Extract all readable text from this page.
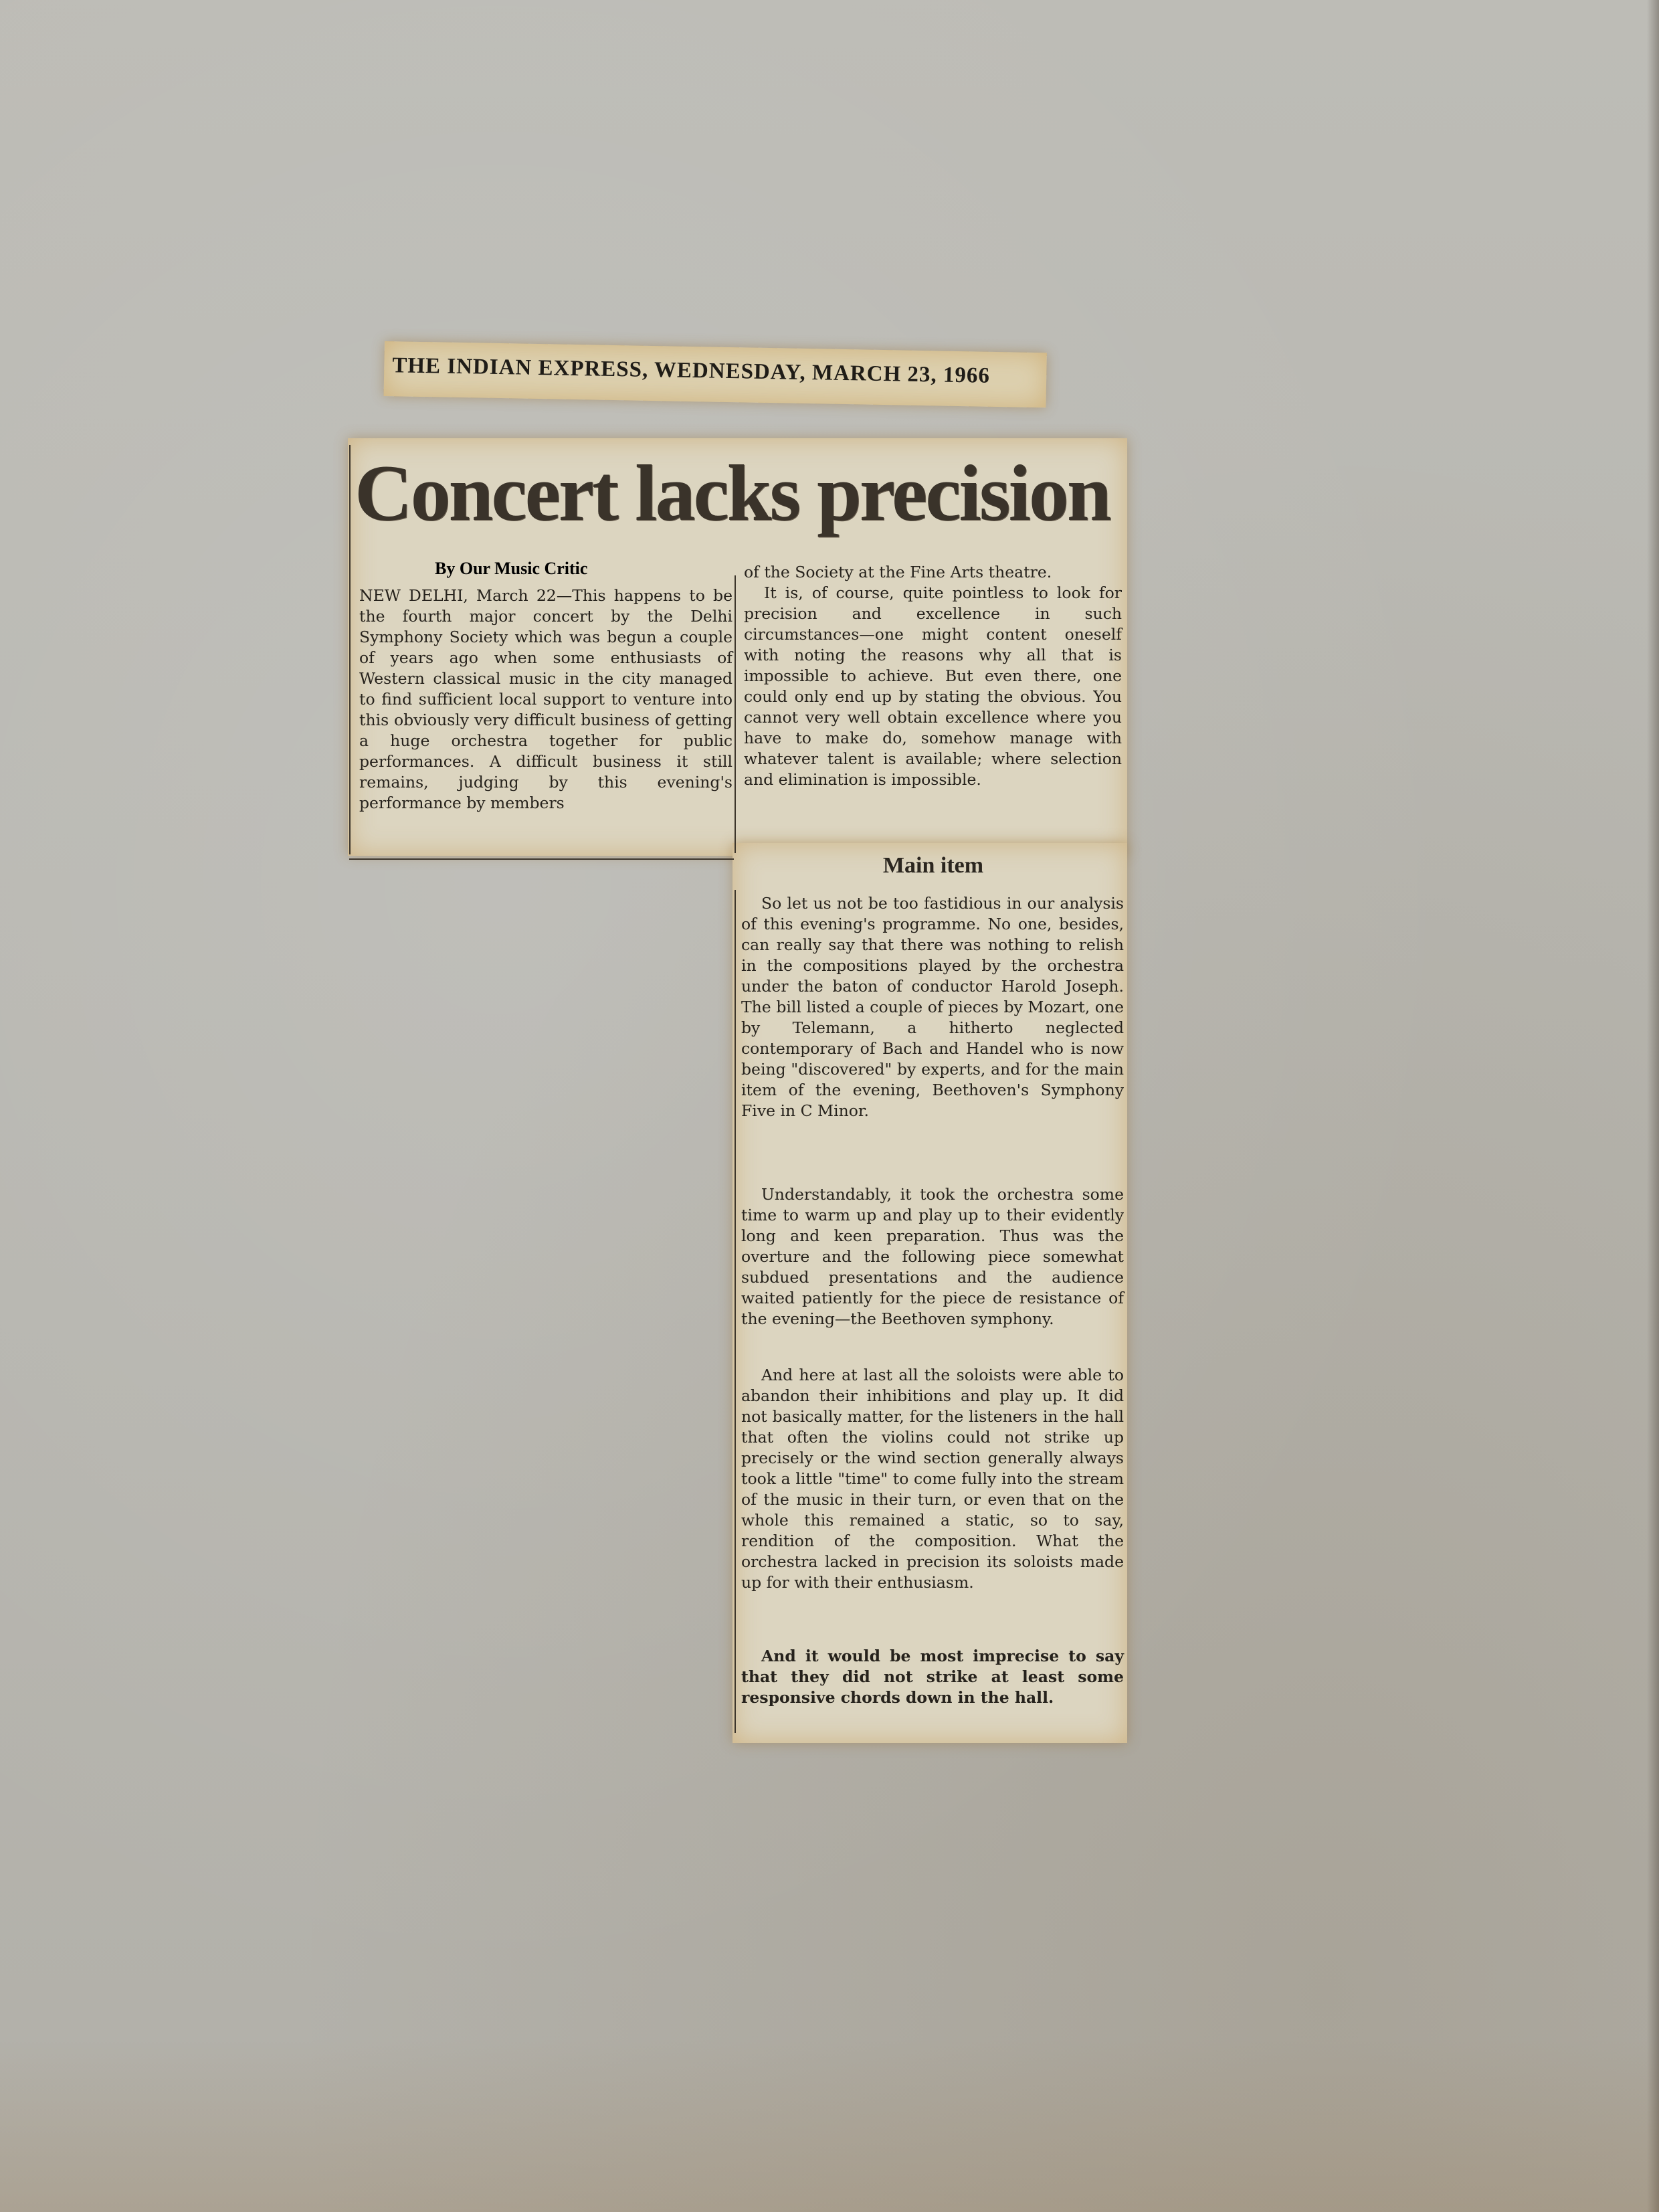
THE INDIAN EXPRESS, WEDNESDAY, MARCH 23, 1966
Concert lacks precision
By Our Music Critic

NEW DELHI, March 22—This happens to be the fourth major concert by the Delhi Symphony Society which was begun a couple of years ago when some enthusiasts of Western classical music in the city managed to find sufficient local support to venture into this obviously very difficult business of getting a huge orchestra together for public performances. A difficult business it still remains, judging by this evening's performance by members

of the Society at the Fine Arts theatre.
It is, of course, quite pointless to look for precision and excellence in such circumstances—one might content oneself with noting the reasons why all that is impossible to achieve. But even there, one could only end up by stating the obvious. You cannot very well obtain excellence where you have to make do, somehow manage with whatever talent is available; where selection and elimination is impossible.
Main item

So let us not be too fastidious in our analysis of this evening's programme. No one, besides, can really say that there was nothing to relish in the compositions played by the orchestra under the baton of conductor Harold Joseph. The bill listed a couple of pieces by Mozart, one by Telemann, a hitherto neglected contemporary of Bach and Handel who is now being "discovered" by experts, and for the main item of the evening, Beethoven's Symphony Five in C Minor.

Understandably, it took the orchestra some time to warm up and play up to their evidently long and keen preparation. Thus was the overture and the following piece somewhat subdued presentations and the audience waited patiently for the piece de resistance of the evening—the Beethoven symphony.

And here at last all the soloists were able to abandon their inhibitions and play up. It did not basically matter, for the listeners in the hall that often the violins could not strike up precisely or the wind section generally always took a little "time" to come fully into the stream of the music in their turn, or even that on the whole this remained a static, so to say, rendition of the composition. What the orchestra lacked in precision its soloists made up for with their enthusiasm.

And it would be most imprecise to say that they did not strike at least some responsive chords down in the hall.
